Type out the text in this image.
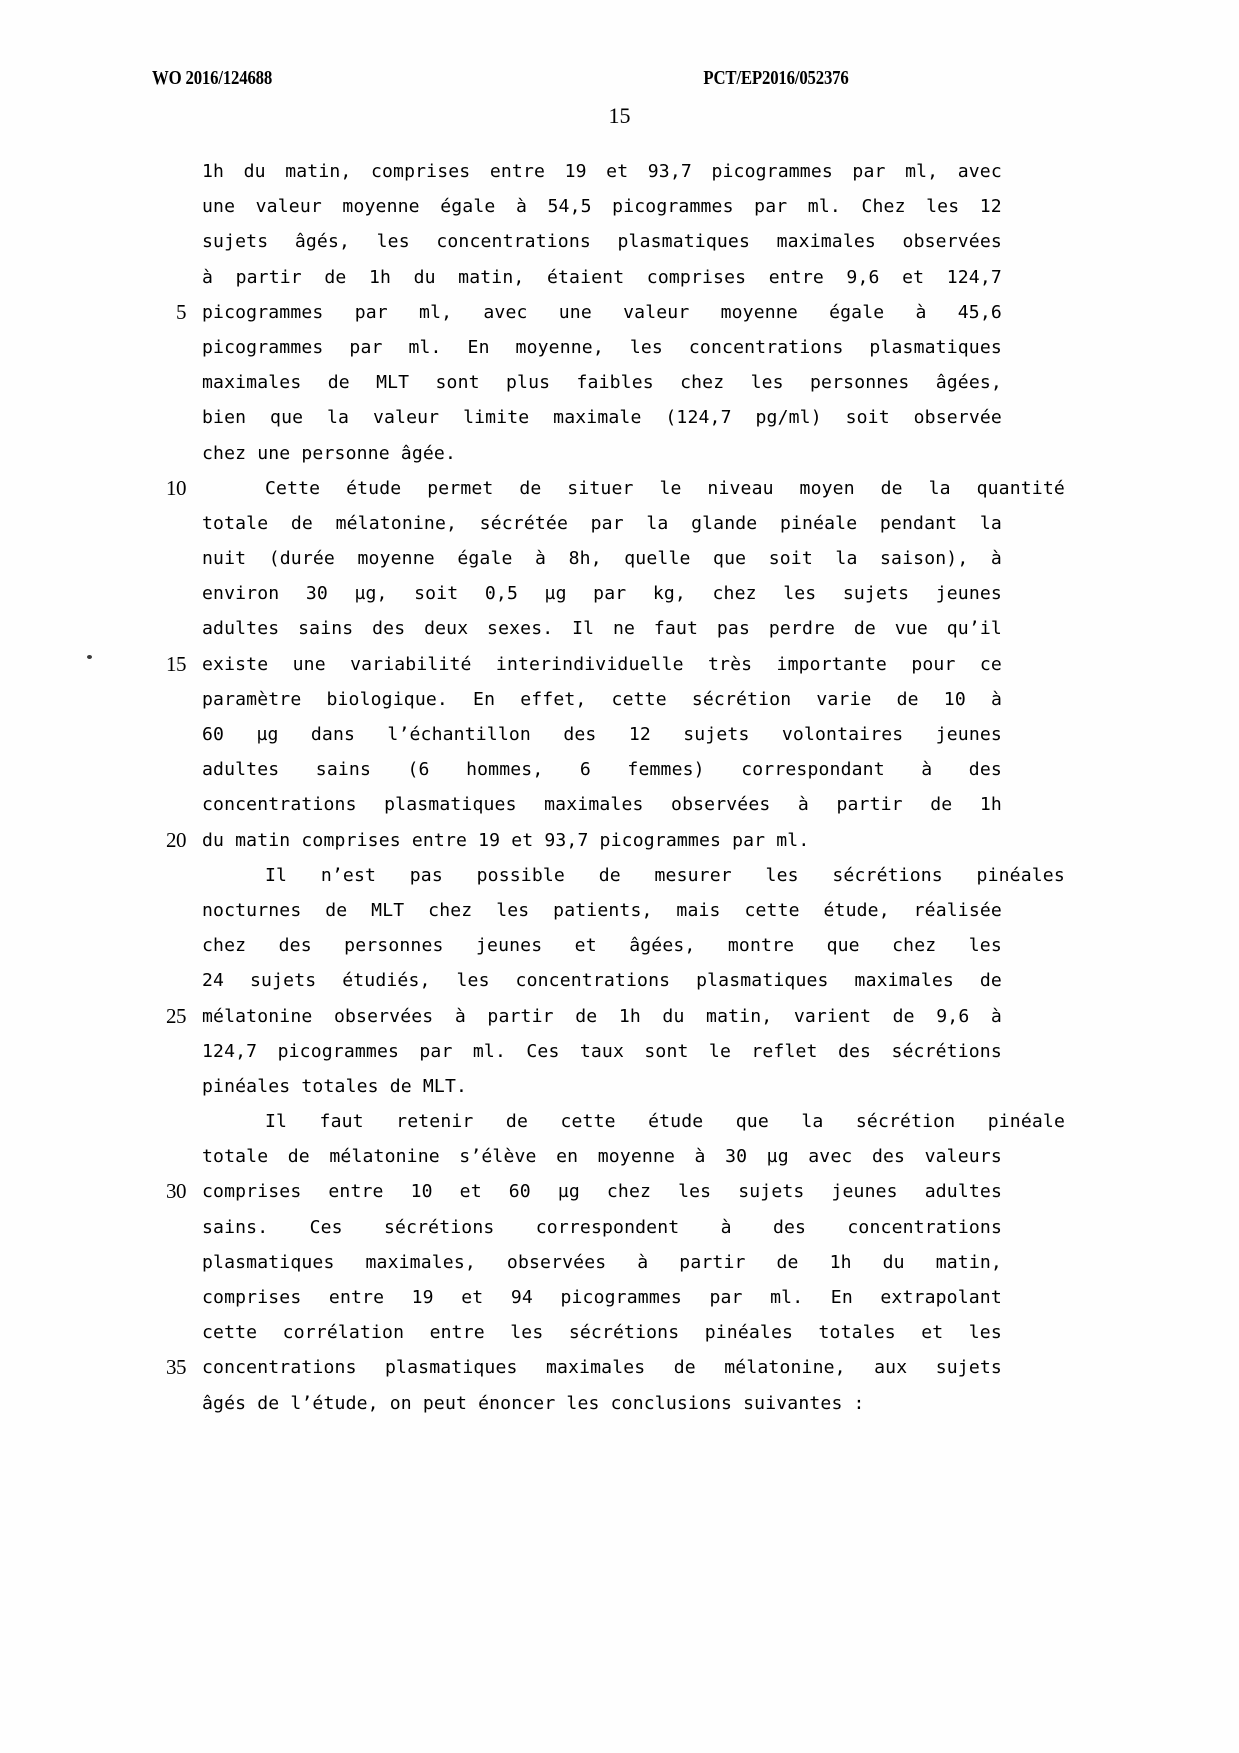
WO 2016/124688	PCT/EP2016/052376
15
1h du matin, comprises entre 19 et 93,7 picogrammes par ml, avec
une valeur moyenne égale à 54,5 picogrammes par ml. Chez les 12
sujets âgés, les concentrations plasmatiques maximales observées
à partir de 1h du matin, étaient comprises entre 9,6 et 124,7
5 picogrammes par ml, avec une valeur moyenne égale à 45,6
picogrammes par ml. En moyenne, les concentrations plasmatiques
maximales de MLT sont plus faibles chez les personnes âgées,
bien que la valeur limite maximale (124,7 pg/ml) soit observée
chez une personne âgée.
10	Cette étude permet de situer le niveau moyen de la quantité
totale de mélatonine, sécrétée par la glande pinéale pendant la
nuit (durée moyenne égale à 8h, quelle que soit la saison), à
environ 30 µg, soit 0,5 µg par kg, chez les sujets jeunes
adultes sains des deux sexes. Il ne faut pas perdre de vue qu’il
15 existe une variabilité interindividuelle très importante pour ce
paramètre biologique. En effet, cette sécrétion varie de 10 à
60 µg dans l’échantillon des 12 sujets volontaires jeunes
adultes sains (6 hommes, 6 femmes) correspondant à des
concentrations plasmatiques maximales observées à partir de 1h
20 du matin comprises entre 19 et 93,7 picogrammes par ml.
Il n’est pas possible de mesurer les sécrétions pinéales
nocturnes de MLT chez les patients, mais cette étude, réalisée
chez des personnes jeunes et âgées, montre que chez les
24 sujets étudiés, les concentrations plasmatiques maximales de
25 mélatonine observées à partir de 1h du matin, varient de 9,6 à
124,7 picogrammes par ml. Ces taux sont le reflet des sécrétions
pinéales totales de MLT.
Il faut retenir de cette étude que la sécrétion pinéale
totale de mélatonine s’élève en moyenne à 30 µg avec des valeurs
30 comprises entre 10 et 60 µg chez les sujets jeunes adultes
sains. Ces sécrétions correspondent à des concentrations
plasmatiques maximales, observées à partir de 1h du matin,
comprises entre 19 et 94 picogrammes par ml. En extrapolant
cette corrélation entre les sécrétions pinéales totales et les
35 concentrations plasmatiques maximales de mélatonine, aux sujets
âgés de l’étude, on peut énoncer les conclusions suivantes :
